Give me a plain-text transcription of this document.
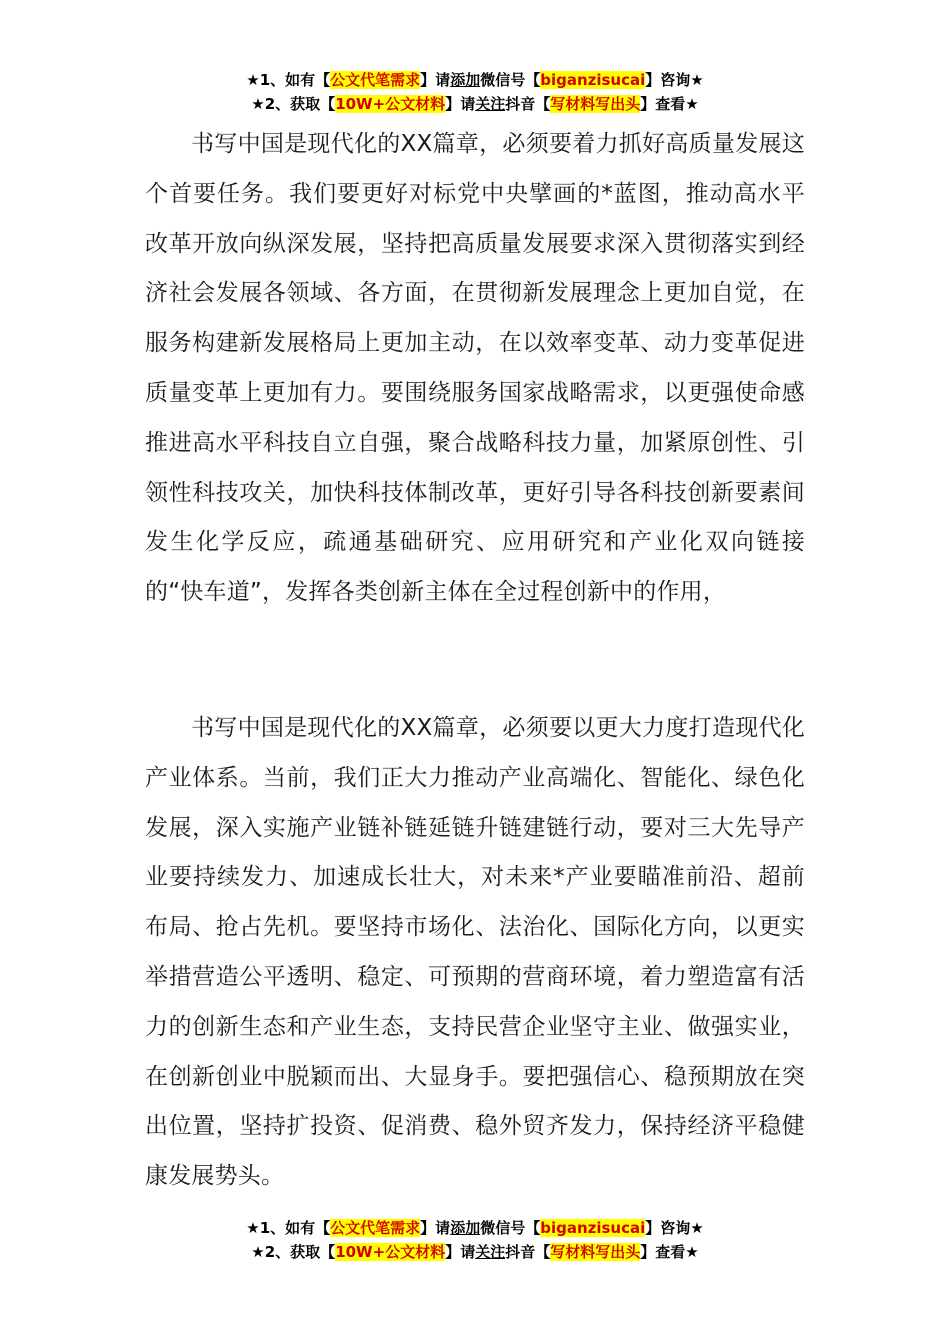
★1、如有【公文代笔需求】请添加微信号【biganzisucai】咨询★
★2、获取【10W+公文材料】请关注抖音【写材料写出头】查看★

书写中国是现代化的XX篇章，必须要着力抓好高质量发展这个首要任务。我们要更好对标党中央擘画的*蓝图，推动高水平改革开放向纵深发展，坚持把高质量发展要求深入贯彻落实到经济社会发展各领域、各方面，在贯彻新发展理念上更加自觉，在服务构建新发展格局上更加主动，在以效率变革、动力变革促进质量变革上更加有力。要围绕服务国家战略需求，以更强使命感推进高水平科技自立自强，聚合战略科技力量，加紧原创性、引领性科技攻关，加快科技体制改革，更好引导各科技创新要素间发生化学反应，疏通基础研究、应用研究和产业化双向链接的“快车道”，发挥各类创新主体在全过程创新中的作用，

书写中国是现代化的XX篇章，必须要以更大力度打造现代化产业体系。当前，我们正大力推动产业高端化、智能化、绿色化发展，深入实施产业链补链延链升链建链行动，要对三大先导产业要持续发力、加速成长壮大，对未来*产业要瞄准前沿、超前布局、抢占先机。要坚持市场化、法治化、国际化方向，以更实举措营造公平透明、稳定、可预期的营商环境，着力塑造富有活力的创新生态和产业生态，支持民营企业坚守主业、做强实业，在创新创业中脱颖而出、大显身手。要把强信心、稳预期放在突出位置，坚持扩投资、促消费、稳外贸齐发力，保持经济平稳健康发展势头。

★1、如有【公文代笔需求】请添加微信号【biganzisucai】咨询★
★2、获取【10W+公文材料】请关注抖音【写材料写出头】查看★
